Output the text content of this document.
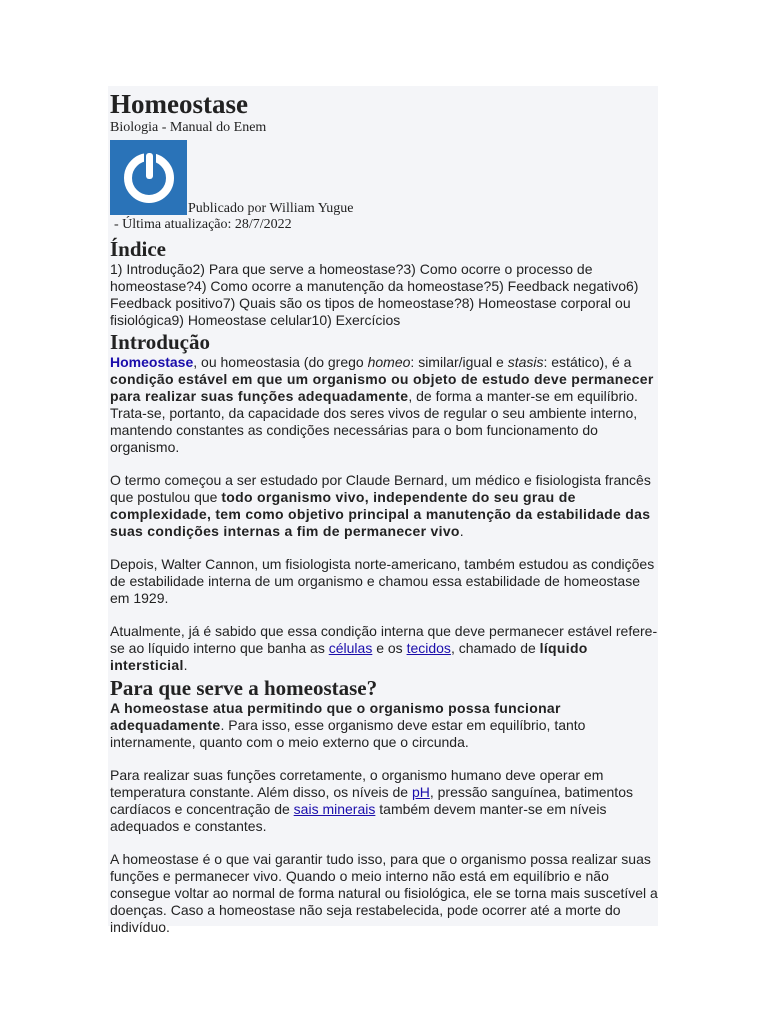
Homeostase
Biologia - Manual do Enem
Publicado por William Yugue
- Última atualização: 28/7/2022
Índice
1) Introdução2) Para que serve a homeostase?3) Como ocorre o processo de homeostase?4) Como ocorre a manutenção da homeostase?5) Feedback negativo6) Feedback positivo7) Quais são os tipos de homeostase?8) Homeostase corporal ou fisiológica9) Homeostase celular10) Exercícios
Introdução

Homeostase, ou homeostasia (do grego homeo: similar/igual e stasis: estático), é a condição estável em que um organismo ou objeto de estudo deve permanecer para realizar suas funções adequadamente, de forma a manter-se em equilíbrio. Trata-se, portanto, da capacidade dos seres vivos de regular o seu ambiente interno, mantendo constantes as condições necessárias para o bom funcionamento do organismo.

O termo começou a ser estudado por Claude Bernard, um médico e fisiologista francês que postulou que todo organismo vivo, independente do seu grau de complexidade, tem como objetivo principal a manutenção da estabilidade das suas condições internas a fim de permanecer vivo.

Depois, Walter Cannon, um fisiologista norte-americano, também estudou as condições de estabilidade interna de um organismo e chamou essa estabilidade de homeostase em 1929.

Atualmente, já é sabido que essa condição interna que deve permanecer estável refere-se ao líquido interno que banha as células e os tecidos, chamado de líquido intersticial.

Para que serve a homeostase?

A homeostase atua permitindo que o organismo possa funcionar adequadamente. Para isso, esse organismo deve estar em equilíbrio, tanto internamente, quanto com o meio externo que o circunda.

Para realizar suas funções corretamente, o organismo humano deve operar em temperatura constante. Além disso, os níveis de pH, pressão sanguínea, batimentos cardíacos e concentração de sais minerais também devem manter-se em níveis adequados e constantes.

A homeostase é o que vai garantir tudo isso, para que o organismo possa realizar suas funções e permanecer vivo. Quando o meio interno não está em equilíbrio e não consegue voltar ao normal de forma natural ou fisiológica, ele se torna mais suscetível a doenças. Caso a homeostase não seja restabelecida, pode ocorrer até a morte do indivíduo.
